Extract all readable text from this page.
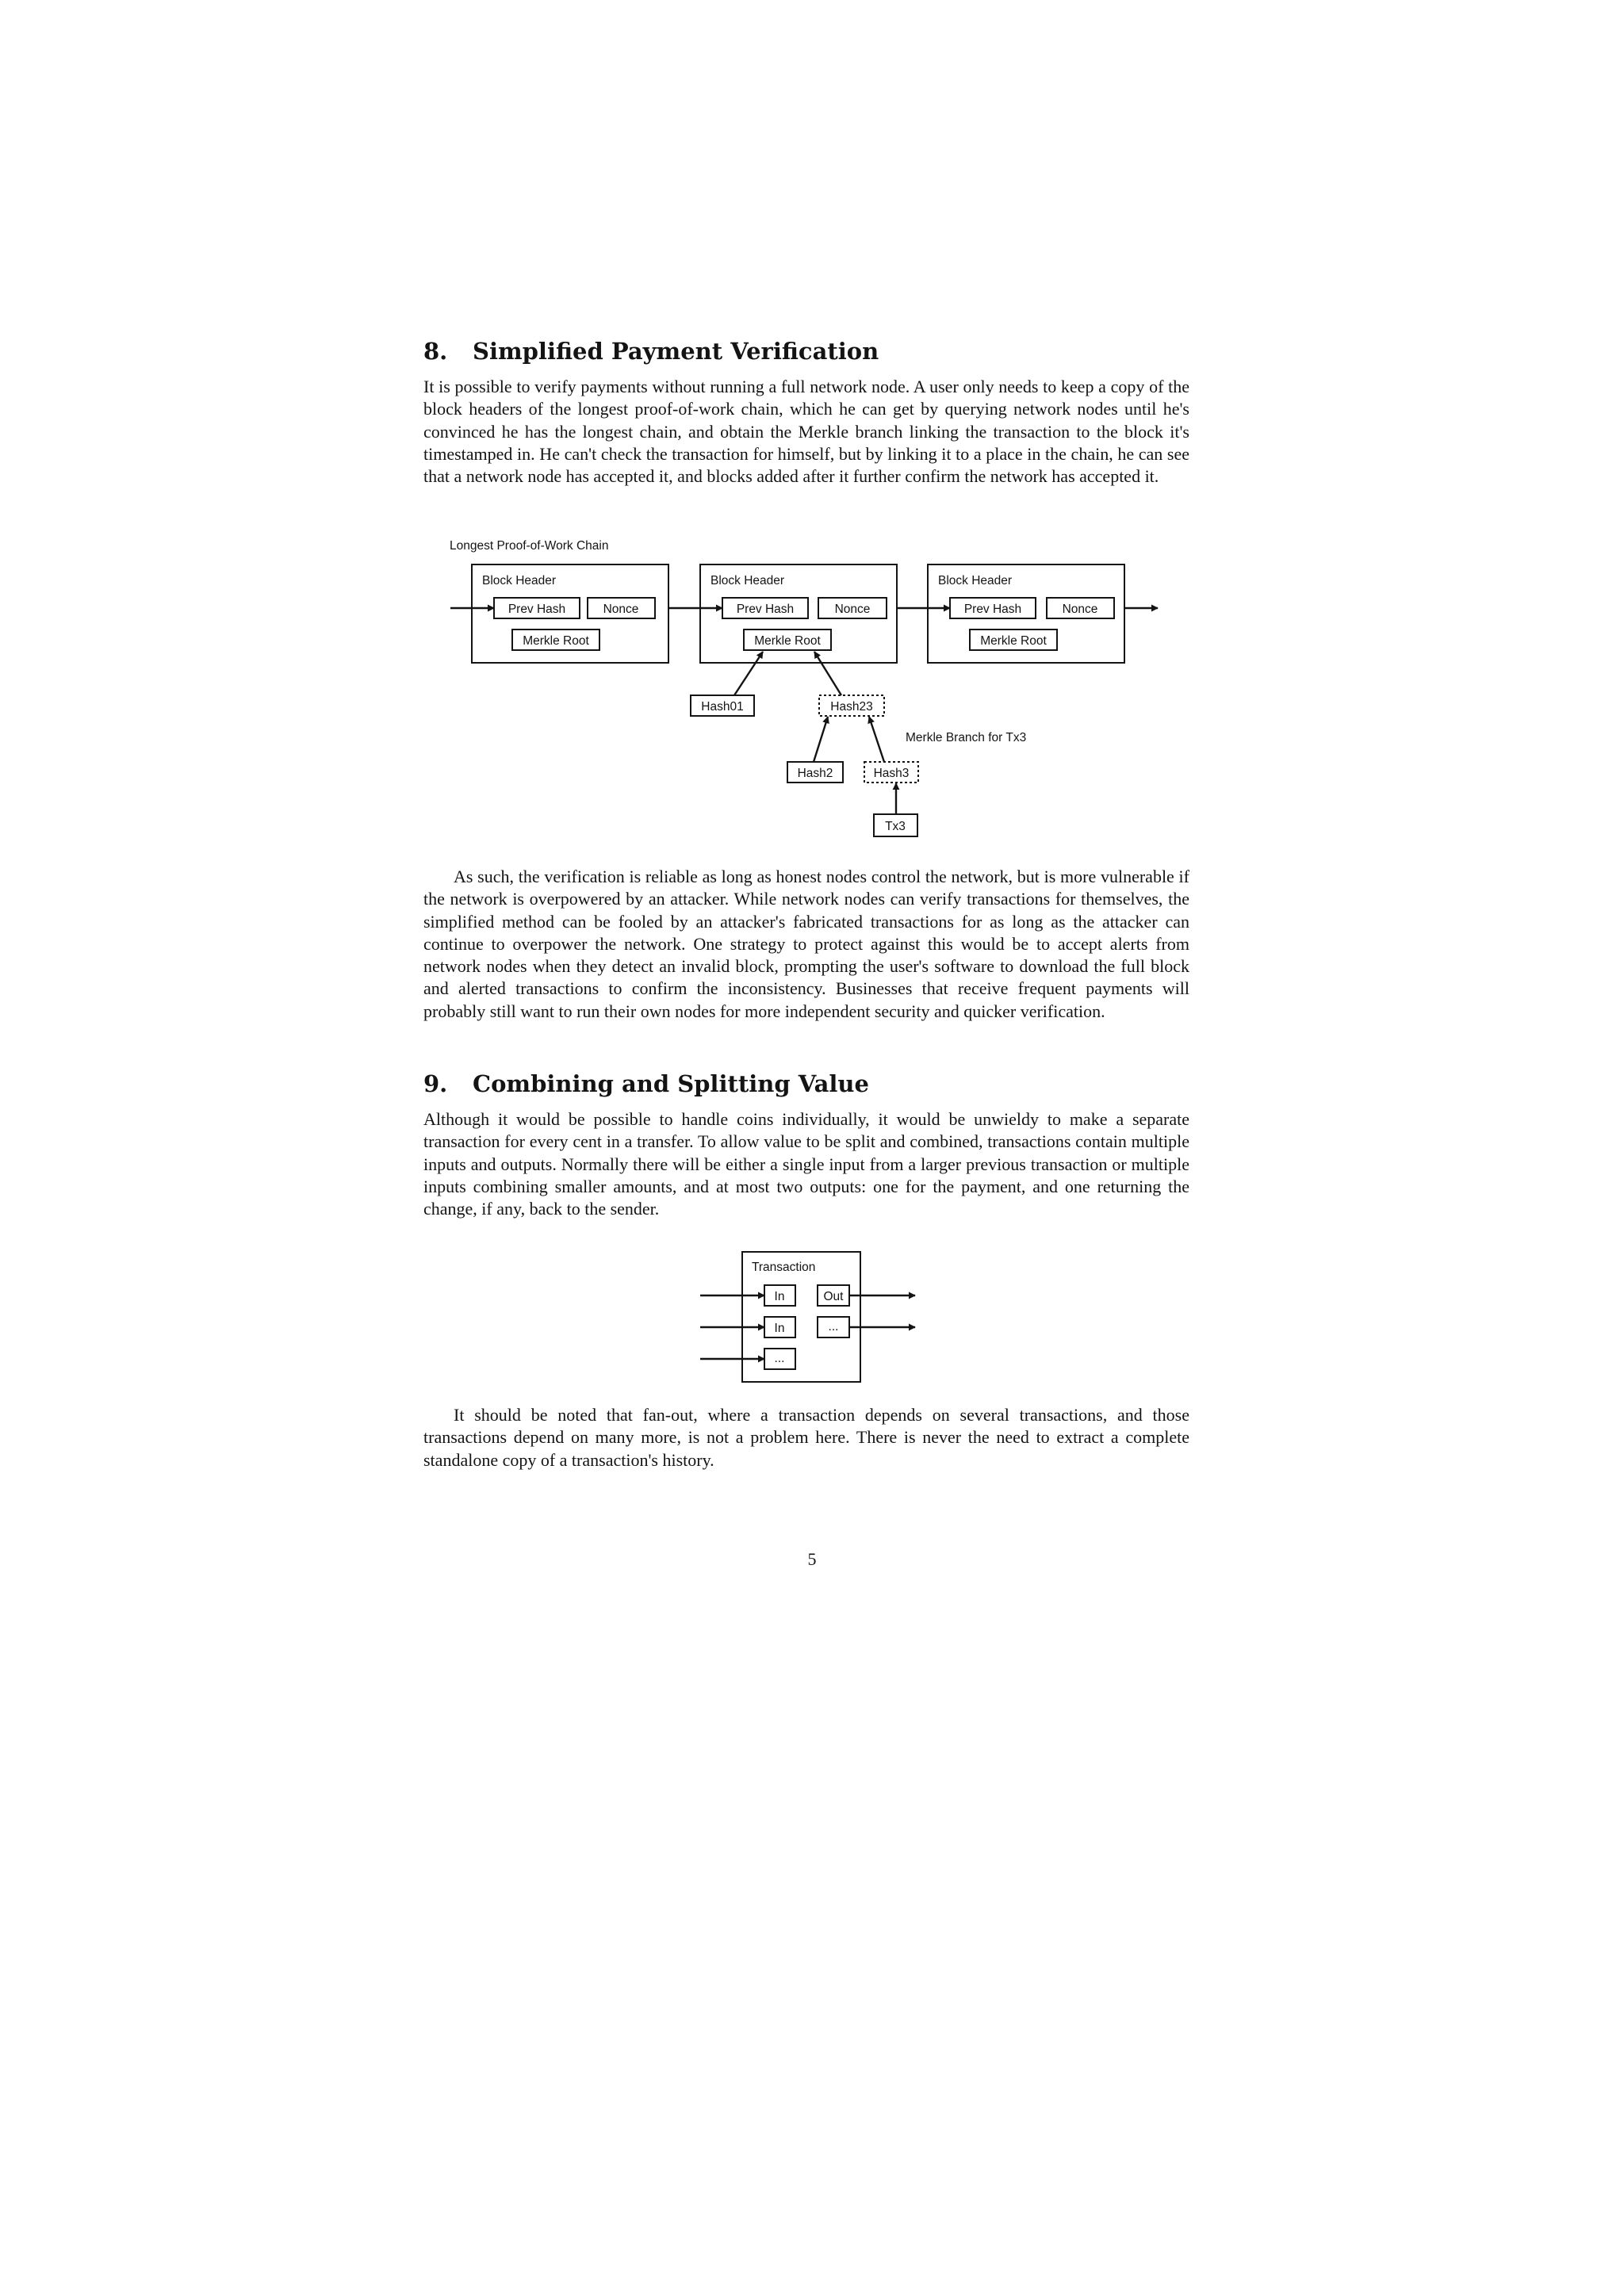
8. Simplified Payment Verification

It is possible to verify payments without running a full network node. A user only needs to keep a copy of the block headers of the longest proof-of-work chain, which he can get by querying network nodes until he's convinced he has the longest chain, and obtain the Merkle branch linking the transaction to the block it's timestamped in. He can't check the transaction for himself, but by linking it to a place in the chain, he can see that a network node has accepted it, and blocks added after it further confirm the network has accepted it.

Longest Proof-of-Work Chain
Block Header	Block Header	Block Header
Prev Hash	Nonce
Merkle Root
Prev Hash	Nonce
Merkle Root
Prev Hash	Nonce
Merkle Root
Hash01	Hash23
Hash2	Hash3
Tx3
Merkle Branch for Tx3

As such, the verification is reliable as long as honest nodes control the network, but is more vulnerable if the network is overpowered by an attacker. While network nodes can verify transactions for themselves, the simplified method can be fooled by an attacker's fabricated transactions for as long as the attacker can continue to overpower the network. One strategy to protect against this would be to accept alerts from network nodes when they detect an invalid block, prompting the user's software to download the full block and alerted transactions to confirm the inconsistency. Businesses that receive frequent payments will probably still want to run their own nodes for more independent security and quicker verification.

9. Combining and Splitting Value

Although it would be possible to handle coins individually, it would be unwieldy to make a separate transaction for every cent in a transfer. To allow value to be split and combined, transactions contain multiple inputs and outputs. Normally there will be either a single input from a larger previous transaction or multiple inputs combining smaller amounts, and at most two outputs: one for the payment, and one returning the change, if any, back to the sender.

Transaction
In
In
...
Out
...

It should be noted that fan-out, where a transaction depends on several transactions, and those transactions depend on many more, is not a problem here. There is never the need to extract a complete standalone copy of a transaction's history.

5
